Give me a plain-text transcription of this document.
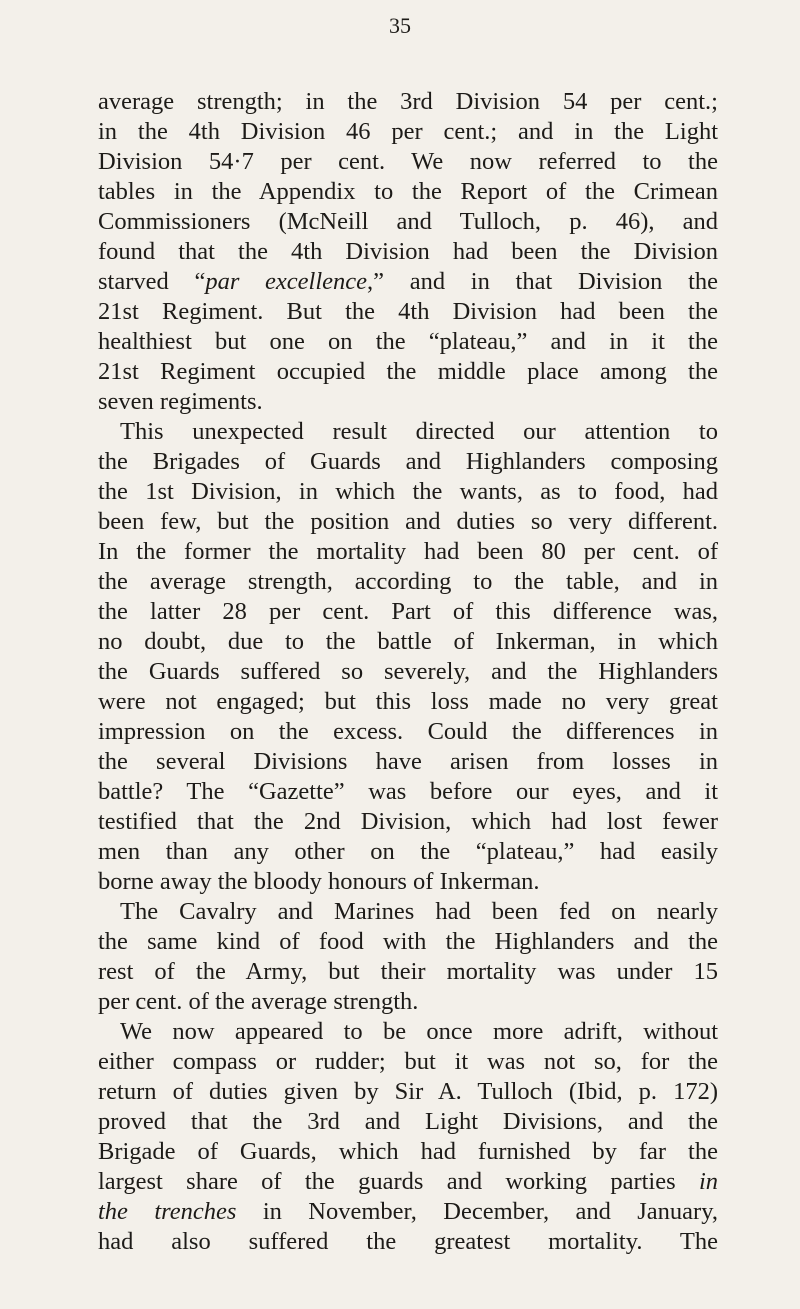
35
average strength; in the 3rd Division 54 per cent.;
in the 4th Division 46 per cent.; and in the Light
Division 54·7 per cent. We now referred to the
tables in the Appendix to the Report of the Crimean
Commissioners (McNeill and Tulloch, p. 46), and
found that the 4th Division had been the Division
starved “par excellence,” and in that Division the
21st Regiment. But the 4th Division had been the
healthiest but one on the “plateau,” and in it the
21st Regiment occupied the middle place among the
seven regiments.
This unexpected result directed our attention to
the Brigades of Guards and Highlanders composing
the 1st Division, in which the wants, as to food, had
been few, but the position and duties so very different.
In the former the mortality had been 80 per cent. of
the average strength, according to the table, and in
the latter 28 per cent. Part of this difference was,
no doubt, due to the battle of Inkerman, in which
the Guards suffered so severely, and the Highlanders
were not engaged; but this loss made no very great
impression on the excess. Could the differences in
the several Divisions have arisen from losses in
battle? The “Gazette” was before our eyes, and it
testified that the 2nd Division, which had lost fewer
men than any other on the “plateau,” had easily
borne away the bloody honours of Inkerman.
The Cavalry and Marines had been fed on nearly
the same kind of food with the Highlanders and the
rest of the Army, but their mortality was under 15
per cent. of the average strength.
We now appeared to be once more adrift, without
either compass or rudder; but it was not so, for the
return of duties given by Sir A. Tulloch (Ibid, p. 172)
proved that the 3rd and Light Divisions, and the
Brigade of Guards, which had furnished by far the
largest share of the guards and working parties in
the trenches in November, December, and January,
had also suffered the greatest mortality. The
